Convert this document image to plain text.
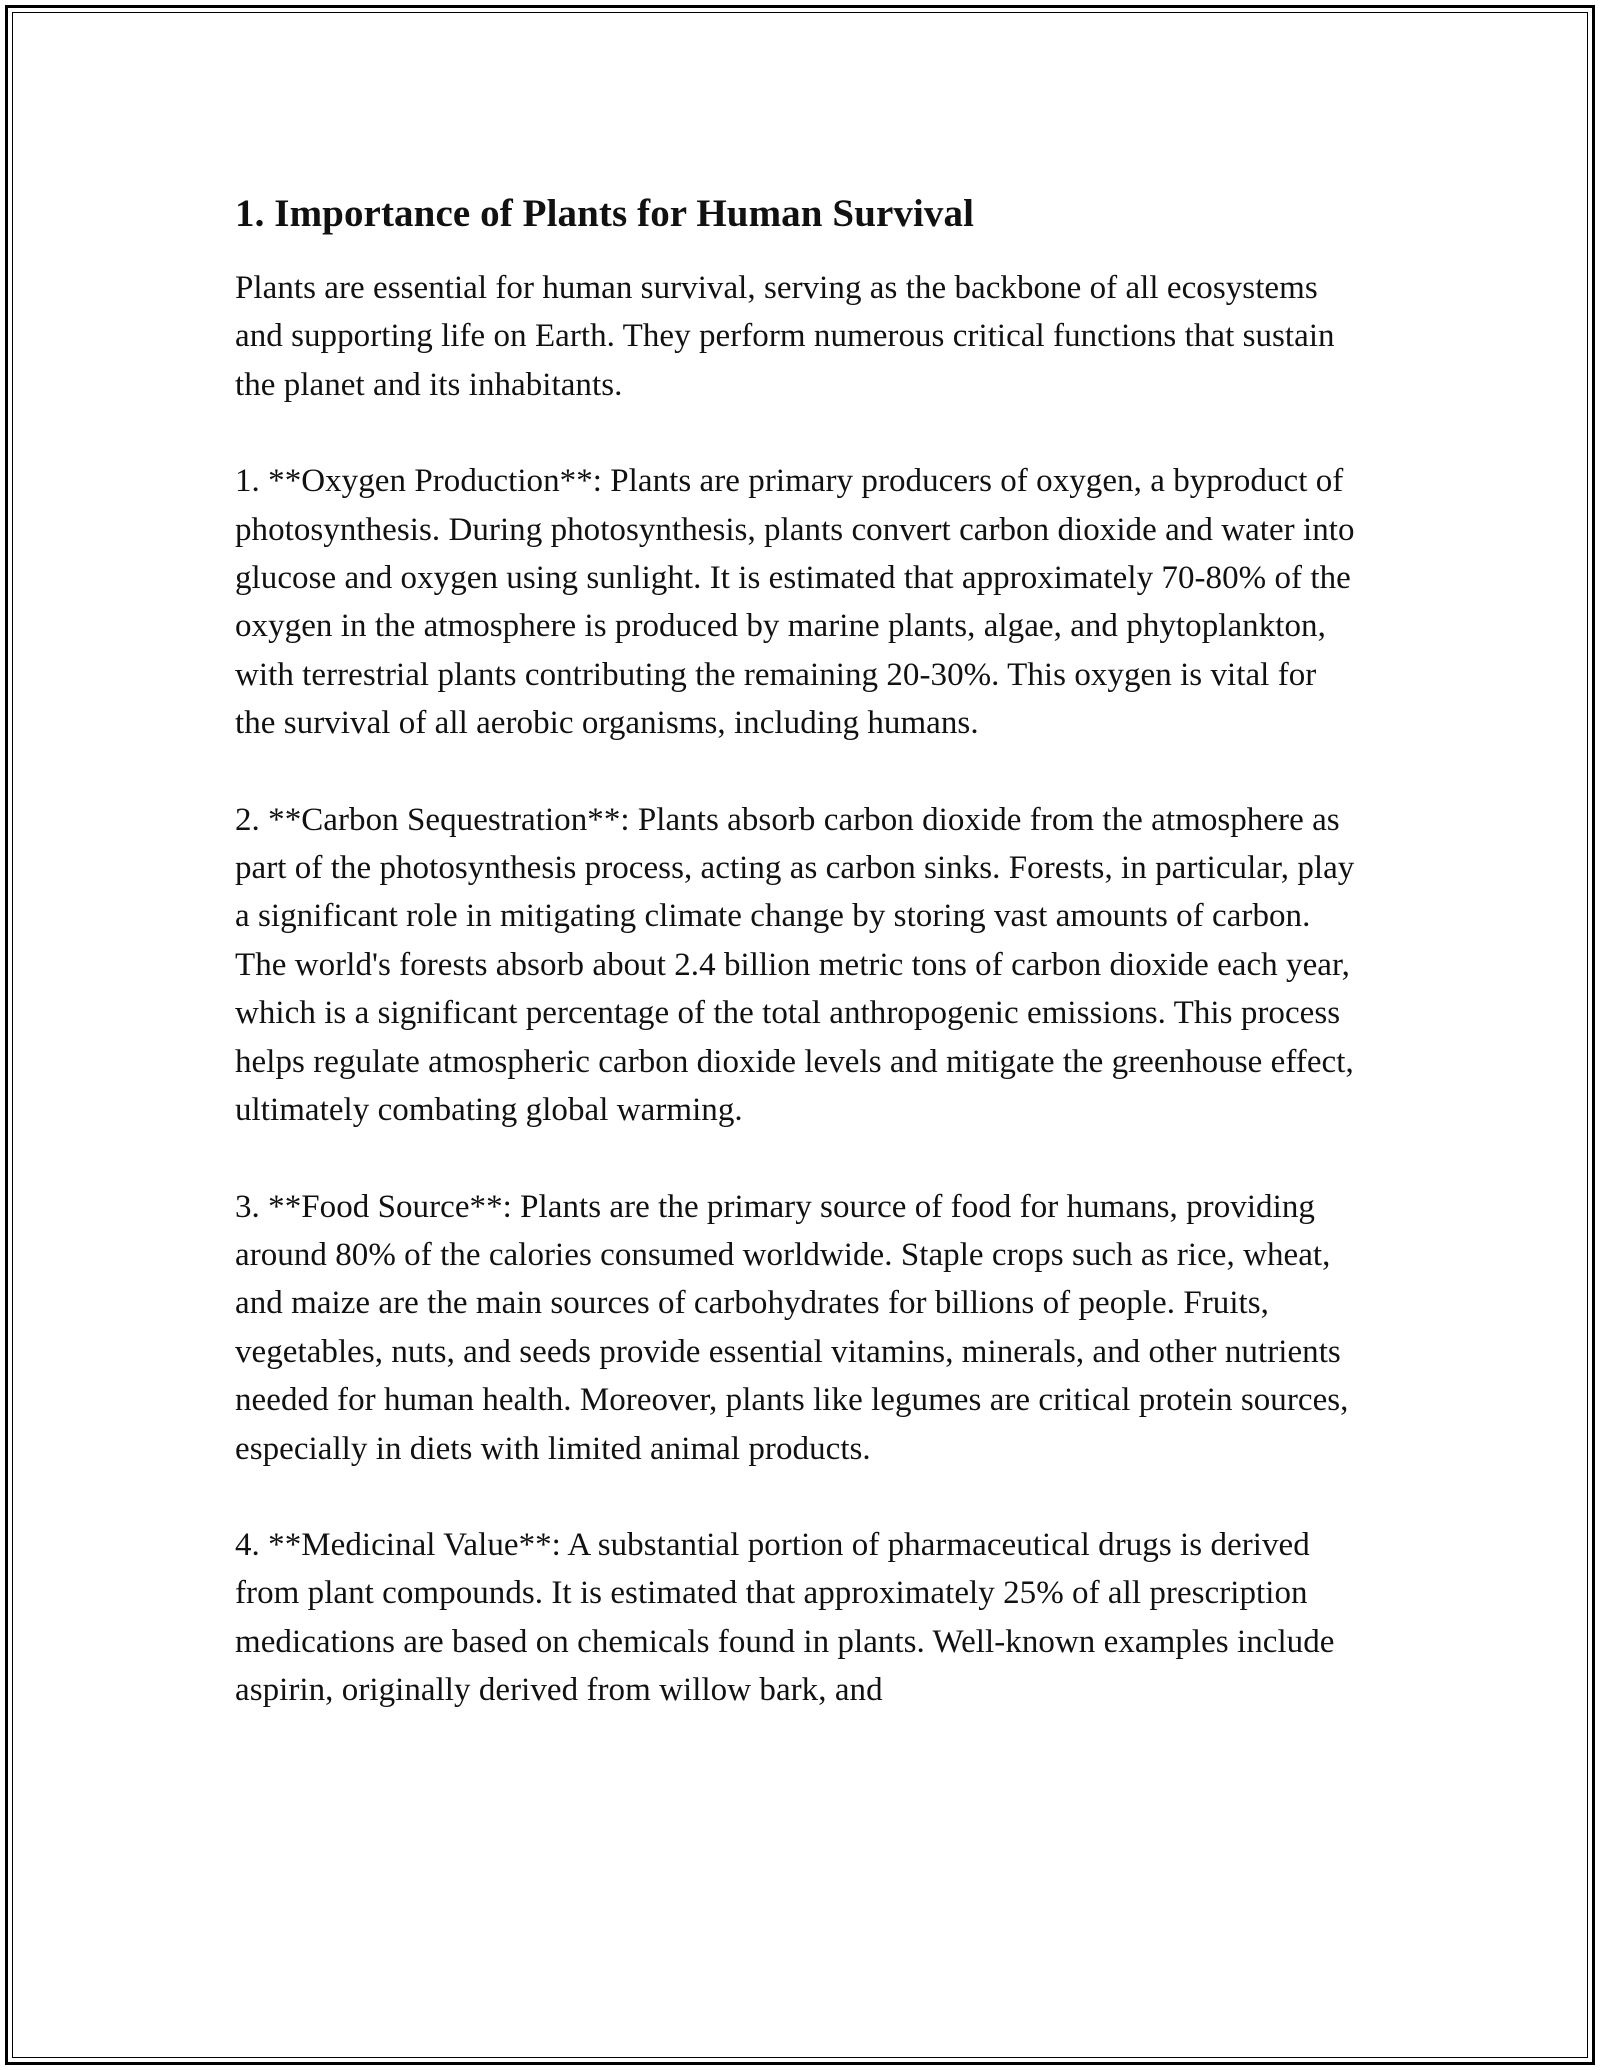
1. Importance of Plants for Human Survival

Plants are essential for human survival, serving as the backbone of all ecosystems and supporting life on Earth. They perform numerous critical functions that sustain the planet and its inhabitants.

1. **Oxygen Production**: Plants are primary producers of oxygen, a byproduct of photosynthesis. During photosynthesis, plants convert carbon dioxide and water into glucose and oxygen using sunlight. It is estimated that approximately 70-80% of the oxygen in the atmosphere is produced by marine plants, algae, and phytoplankton, with terrestrial plants contributing the remaining 20-30%. This oxygen is vital for the survival of all aerobic organisms, including humans.

2. **Carbon Sequestration**: Plants absorb carbon dioxide from the atmosphere as part of the photosynthesis process, acting as carbon sinks. Forests, in particular, play a significant role in mitigating climate change by storing vast amounts of carbon. The world's forests absorb about 2.4 billion metric tons of carbon dioxide each year, which is a significant percentage of the total anthropogenic emissions. This process helps regulate atmospheric carbon dioxide levels and mitigate the greenhouse effect, ultimately combating global warming.

3. **Food Source**: Plants are the primary source of food for humans, providing around 80% of the calories consumed worldwide. Staple crops such as rice, wheat, and maize are the main sources of carbohydrates for billions of people. Fruits, vegetables, nuts, and seeds provide essential vitamins, minerals, and other nutrients needed for human health. Moreover, plants like legumes are critical protein sources, especially in diets with limited animal products.

4. **Medicinal Value**: A substantial portion of pharmaceutical drugs is derived from plant compounds. It is estimated that approximately 25% of all prescription medications are based on chemicals found in plants. Well-known examples include aspirin, originally derived from willow bark, and
